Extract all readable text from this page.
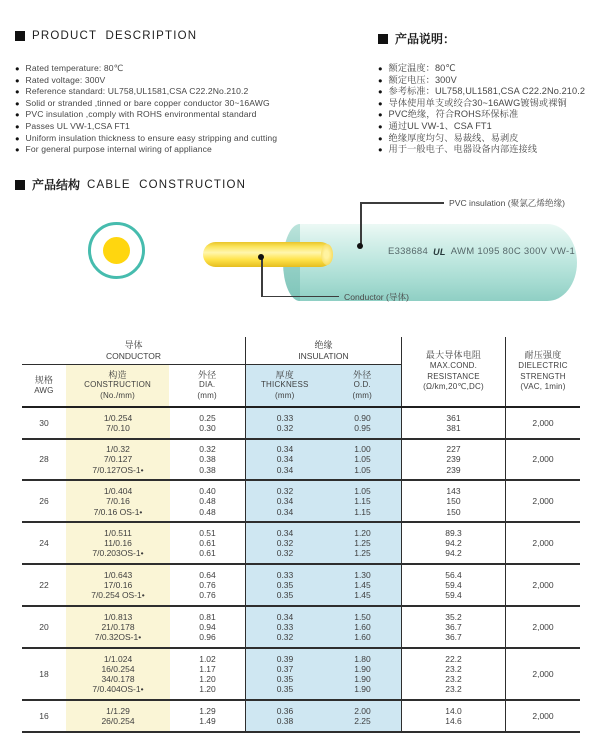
PRODUCT DESCRIPTION
● Rated temperature: 80℃
● Rated voltage: 300V
● Reference standard: UL758,UL1581,CSA C22.2No.210.2
● Solid or stranded ,tinned or bare copper conductor 30~16AWG
● PVC insulation ,comply with ROHS environmental standard
● Passes UL VW-1,CSA FT1
● Uniform insulation thickness to ensure easy stripping and cutting
● For general purpose internal wiring of appliance
产品说明：
● 额定温度：80℃
● 额定电压：300V
● 参考标准：UL758,UL1581,CSA C22.2No.210.2
● 导体使用单支或绞合30~16AWG镀锡或裸铜
● PVC绝缘，符合ROHS环保标准
● 通过UL VW-1、CSA FT1
● 绝缘厚度均匀、易裁线、易剥皮
● 用于一般电子、电器设备内部连接线
产品结构 CABLE CONSTRUCTION
E338684 UL AWM 1095 80C 300V VW-1
PVC insulation (聚氯乙烯绝缘)
Conductor (导体)
导体
CONDUCTOR
规格
AWG
构造
CONSTRUCTION
(No./mm)
外径
DIA.
(mm)
绝缘
INSULATION
厚度
THICKNESS
(mm)
外径
O.D.
(mm)
最大导体电阻
MAX.COND.
RESISTANCE
(Ω/km,20℃,DC)
耐压强度
DIELECTRIC
STRENGTH
(VAC, 1min)
30
1/0.254
7/0.10
0.25
0.30
0.33
0.32
0.90
0.95
361
381
2,000
28
1/0.32
7/0.127
7/0.127OS-1•
0.32
0.38
0.38
0.34
0.34
0.34
1.00
1.05
1.05
227
239
239
2,000
26
1/0.404
7/0.16
7/0.16 OS-1•
0.40
0.48
0.48
0.32
0.34
0.34
1.05
1.15
1.15
143
150
150
2,000
24
1/0.511
11/0.16
7/0.203OS-1•
0.51
0.61
0.61
0.34
0.32
0.32
1.20
1.25
1.25
89.3
94.2
94.2
2,000
22
1/0.643
17/0.16
7/0.254 OS-1•
0.64
0.76
0.76
0.33
0.35
0.35
1.30
1.45
1.45
56.4
59.4
59.4
2,000
20
1/0.813
21/0.178
7/0.32OS-1•
0.81
0.94
0.96
0.34
0.33
0.32
1.50
1.60
1.60
35.2
36.7
36.7
2,000
18
1/1.024
16/0.254
34/0.178
7/0.404OS-1•
1.02
1.17
1.20
1.20
0.39
0.37
0.35
0.35
1.80
1.90
1.90
1.90
22.2
23.2
23.2
23.2
2,000
16
1/1.29
26/0.254
1.29
1.49
0.36
0.38
2.00
2.25
14.0
14.6
2,000
